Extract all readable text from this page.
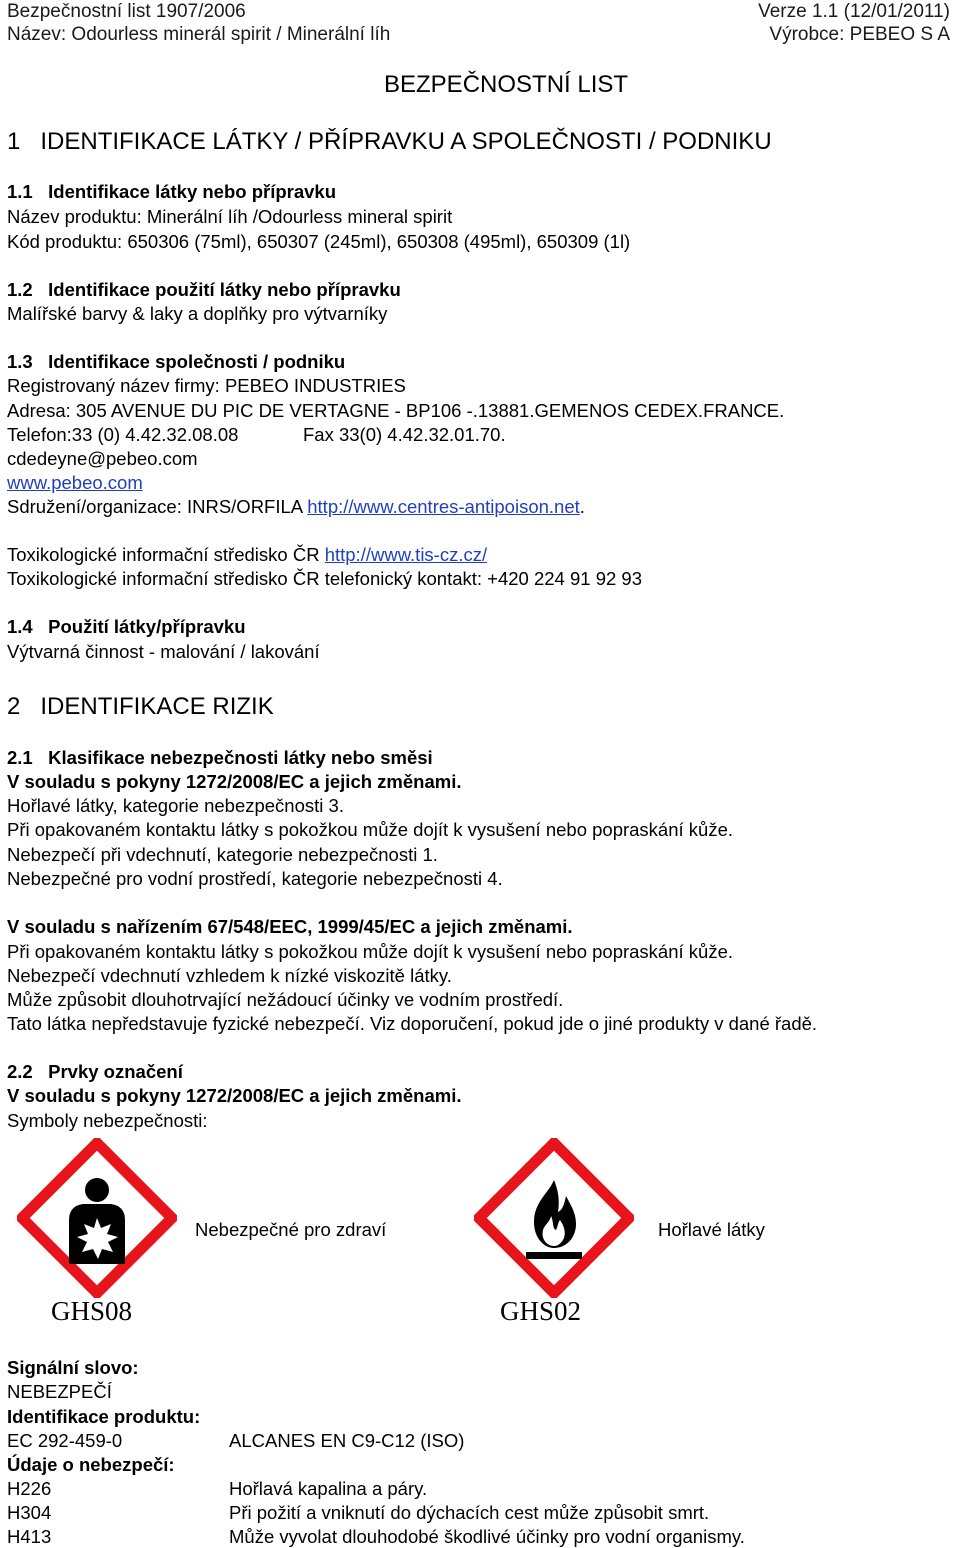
Bezpečnostní list 1907/2006
Název: Odourless minerál spirit / Minerální líh
Verze 1.1 (12/01/2011)
Výrobce: PEBEO S A
BEZPEČNOSTNÍ LIST
1   IDENTIFIKACE LÁTKY / PŘÍPRAVKU A SPOLEČNOSTI / PODNIKU
1.1   Identifikace látky nebo přípravku
Název produktu: Minerální líh /Odourless mineral spirit
Kód produktu: 650306 (75ml), 650307 (245ml), 650308 (495ml), 650309 (1l)
1.2   Identifikace použití látky nebo přípravku
Malířské barvy & laky a doplňky pro výtvarníky
1.3   Identifikace společnosti / podniku
Registrovaný název firmy: PEBEO INDUSTRIES
Adresa: 305 AVENUE DU PIC DE VERTAGNE - BP106 -.13881.GEMENOS CEDEX.FRANCE.
Telefon:33 (0) 4.42.32.08.08	Fax 33(0) 4.42.32.01.70.
cdedeyne@pebeo.com
www.pebeo.com
Sdružení/organizace: INRS/ORFILA http://www.centres-antipoison.net.
Toxikologické informační středisko ČR http://www.tis-cz.cz/
Toxikologické informační středisko ČR telefonický kontakt: +420 224 91 92 93
1.4   Použití látky/přípravku
Výtvarná činnost - malování / lakování
2   IDENTIFIKACE RIZIK
2.1   Klasifikace nebezpečnosti látky nebo směsi
V souladu s pokyny 1272/2008/EC a jejich změnami.
Hořlavé látky, kategorie nebezpečnosti 3.
Při opakovaném kontaktu látky s pokožkou může dojít k vysušení nebo popraskání kůže.
Nebezpečí při vdechnutí, kategorie nebezpečnosti 1.
Nebezpečné pro vodní prostředí, kategorie nebezpečnosti 4.
V souladu s nařízením 67/548/EEC, 1999/45/EC a jejich změnami.
Při opakovaném kontaktu látky s pokožkou může dojít k vysušení nebo popraskání kůže.
Nebezpečí vdechnutí vzhledem k nízké viskozitě látky.
Může způsobit dlouhotrvající nežádoucí účinky ve vodním prostředí.
Tato látka nepředstavuje fyzické nebezpečí. Viz doporučení, pokud jde o jiné produkty v dané řadě.
2.2   Prvky označení
V souladu s pokyny 1272/2008/EC a jejich změnami.
Symboly nebezpečnosti:
GHS08
Nebezpečné pro zdraví
GHS02
Hořlavé látky
Signální slovo:
NEBEZPEČÍ
Identifikace produktu:
EC 292-459-0	ALCANES EN C9-C12 (ISO)
Údaje o nebezpečí:
H226	Hořlavá kapalina a páry.
H304	Při požití a vniknutí do dýchacích cest může způsobit smrt.
H413	Může vyvolat dlouhodobé škodlivé účinky pro vodní organismy.
